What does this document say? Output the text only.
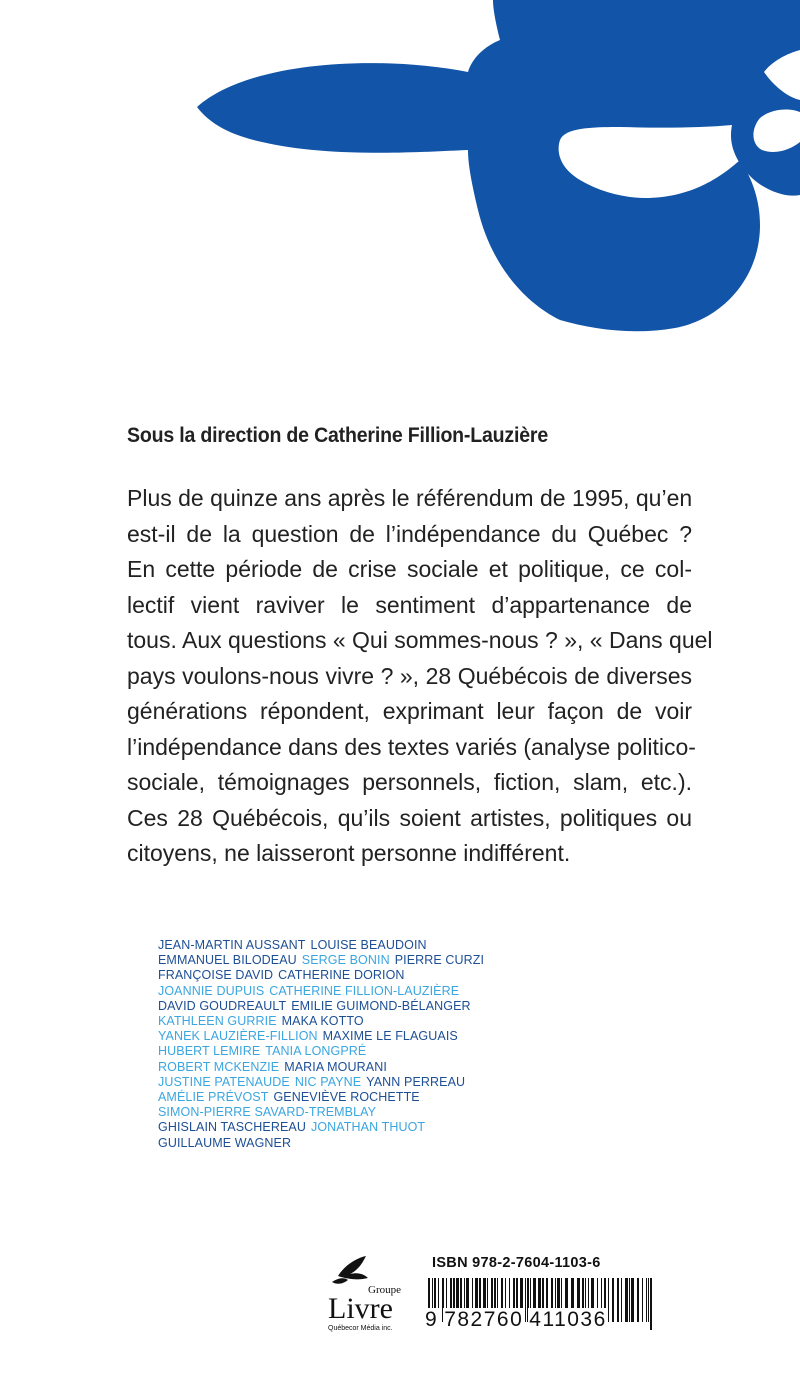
Sous la direction de Catherine Fillion-Lauzière
Plus de quinze ans après le référendum de 1995, qu’en
est-il de la question de l’indépendance du Québec ?
En cette période de crise sociale et politique, ce col-
lectif vient raviver le sentiment d’appartenance de
tous. Aux questions « Qui sommes-nous ? », « Dans quel
pays voulons-nous vivre ? », 28 Québécois de diverses
générations répondent, exprimant leur façon de voir
l’indépendance dans des textes variés (analyse politico-
sociale, témoignages personnels, fiction, slam, etc.).
Ces 28 Québécois, qu’ils soient artistes, politiques ou
citoyens, ne laisseront personne indifférent.
JEAN-MARTIN AUSSANT LOUISE BEAUDOIN
EMMANUEL BILODEAU SERGE BONIN PIERRE CURZI
FRANÇOISE DAVID CATHERINE DORION
JOANNIE DUPUIS CATHERINE FILLION-LAUZIÈRE
DAVID GOUDREAULT EMILIE GUIMOND-BÉLANGER
KATHLEEN GURRIE MAKA KOTTO
YANEK LAUZIÈRE-FILLION MAXIME LE FLAGUAIS
HUBERT LEMIRE TANIA LONGPRÉ
ROBERT MCKENZIE MARIA MOURANI
JUSTINE PATENAUDE NIC PAYNE YANN PERREAU
AMÉLIE PRÉVOST GENEVIÈVE ROCHETTE
SIMON-PIERRE SAVARD-TREMBLAY
GHISLAIN TASCHEREAU JONATHAN THUOT
GUILLAUME WAGNER
Groupe
Livre
Québecor Média inc.
ISBN 978-2-7604-1103-6
9 782760 411036
